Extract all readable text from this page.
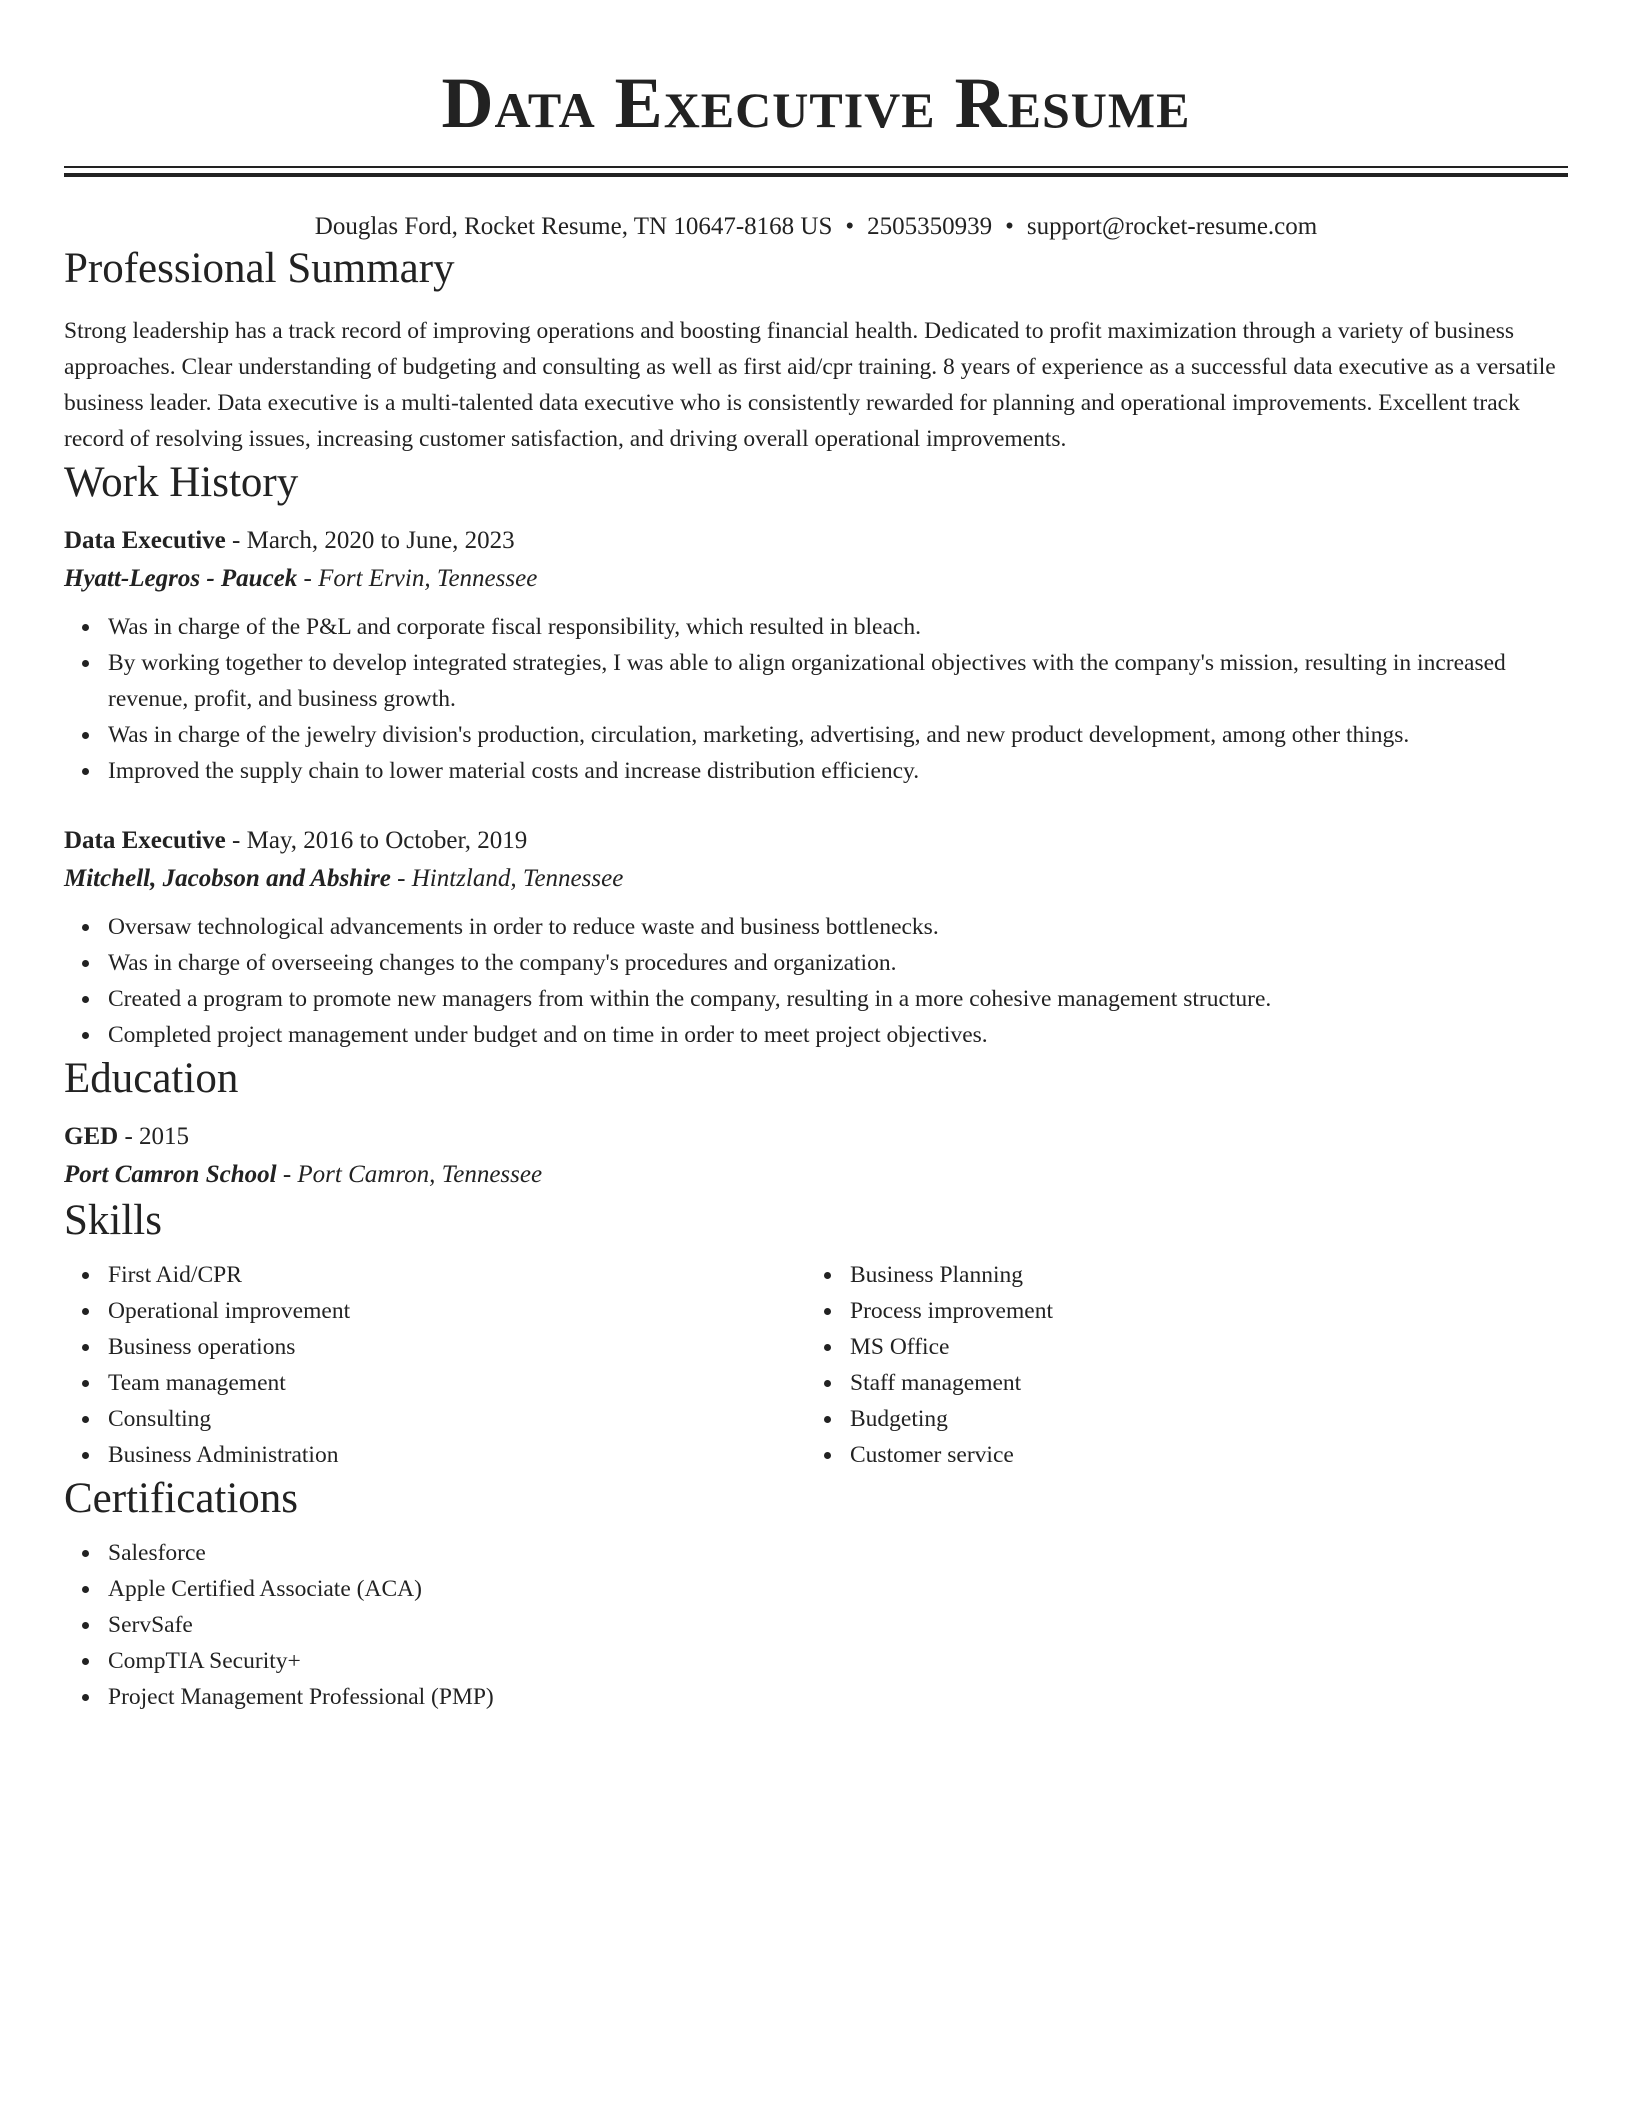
Data Executive Resume
Douglas Ford, Rocket Resume, TN 10647-8168 US • 2505350939 • support@rocket-resume.com
Professional Summary

Strong leadership has a track record of improving operations and boosting financial health. Dedicated to profit maximization through a variety of business approaches. Clear understanding of budgeting and consulting as well as first aid/cpr training. 8 years of experience as a successful data executive as a versatile business leader. Data executive is a multi-talented data executive who is consistently rewarded for planning and operational improvements. Excellent track record of resolving issues, increasing customer satisfaction, and driving overall operational improvements.

Work History
Data Executive - March, 2020 to June, 2023
Hyatt-Legros - Paucek - Fort Ervin, Tennessee
Was in charge of the P&L and corporate fiscal responsibility, which resulted in bleach.
By working together to develop integrated strategies, I was able to align organizational objectives with the company's mission, resulting in increased revenue, profit, and business growth.
Was in charge of the jewelry division's production, circulation, marketing, advertising, and new product development, among other things.
Improved the supply chain to lower material costs and increase distribution efficiency.
Data Executive - May, 2016 to October, 2019
Mitchell, Jacobson and Abshire - Hintzland, Tennessee
Oversaw technological advancements in order to reduce waste and business bottlenecks.
Was in charge of overseeing changes to the company's procedures and organization.
Created a program to promote new managers from within the company, resulting in a more cohesive management structure.
Completed project management under budget and on time in order to meet project objectives.
Education
GED - 2015
Port Camron School - Port Camron, Tennessee
Skills
First Aid/CPR
Operational improvement
Business operations
Team management
Consulting
Business Administration
Business Planning
Process improvement
MS Office
Staff management
Budgeting
Customer service
Certifications
Salesforce
Apple Certified Associate (ACA)
ServSafe
CompTIA Security+
Project Management Professional (PMP)
